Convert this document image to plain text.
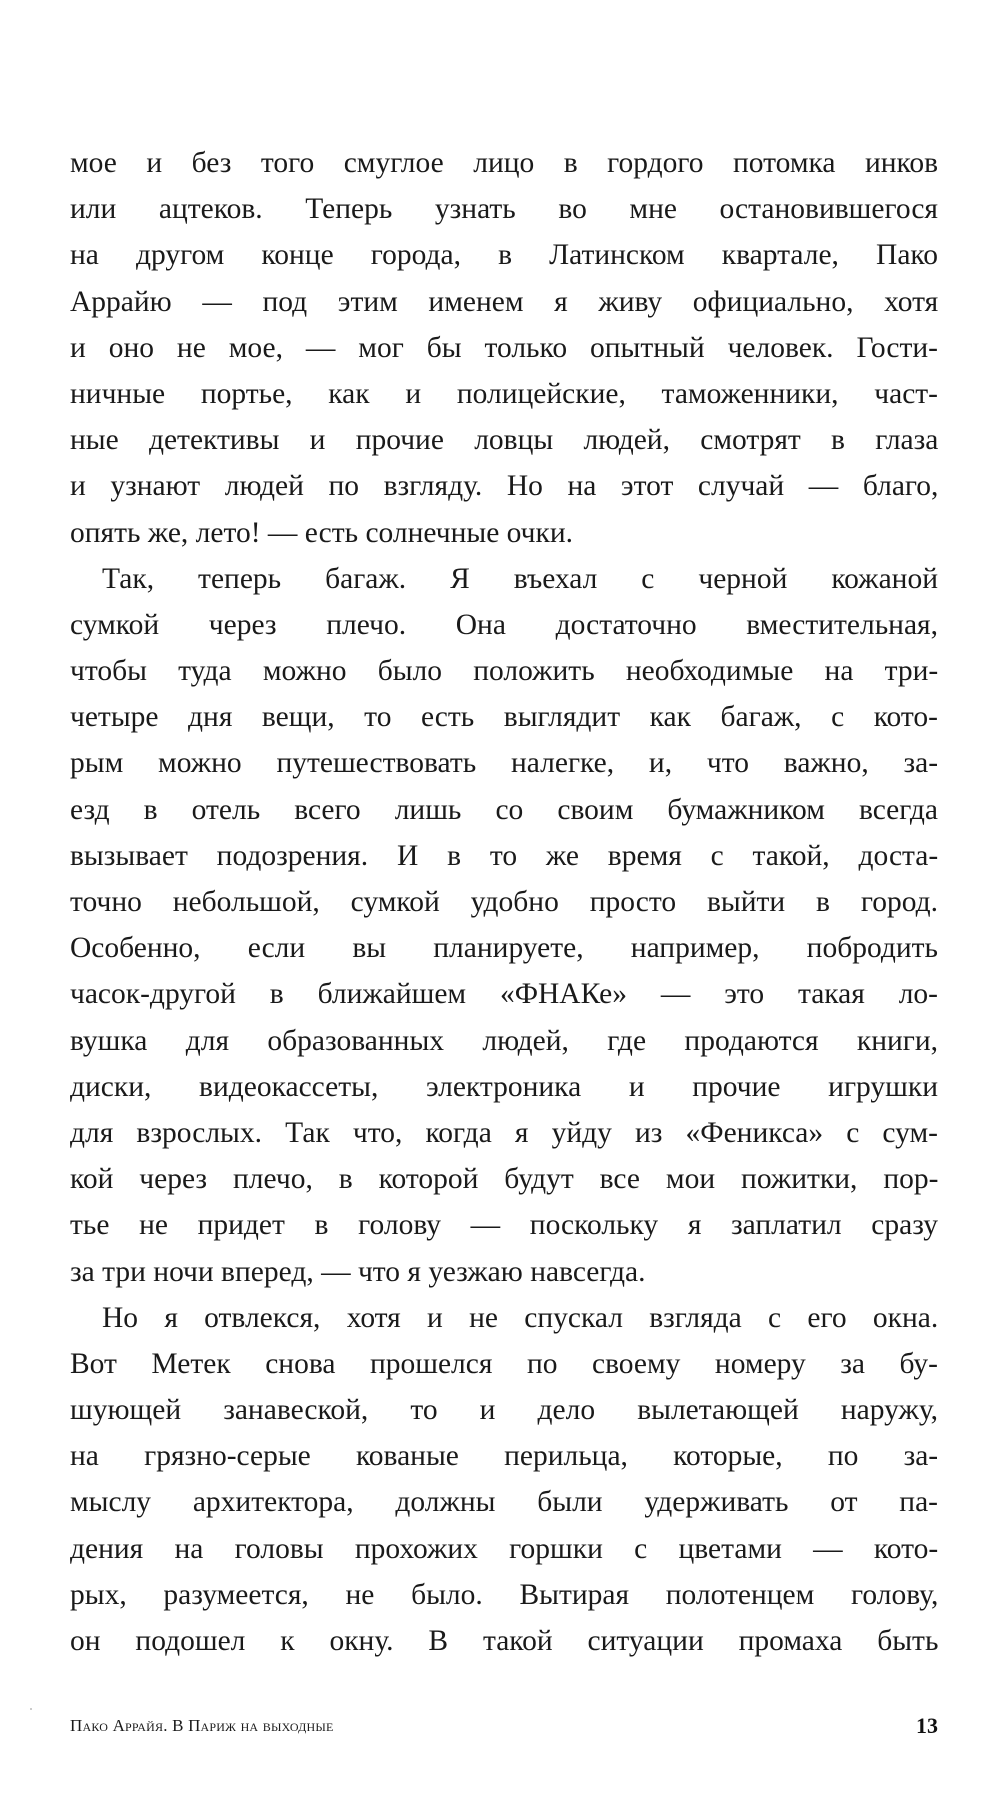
мое и без того смуглое лицо в гордого потомка инков
или ацтеков. Теперь узнать во мне остановившегося
на другом конце города, в Латинском квартале, Пако
Аррайю — под этим именем я живу официально, хотя
и оно не мое, — мог бы только опытный человек. Гости-
ничные портье, как и полицейские, таможенники, част-
ные детективы и прочие ловцы людей, смотрят в глаза
и узнают людей по взгляду. Но на этот случай — благо,
опять же, лето! — есть солнечные очки.
Так, теперь багаж. Я въехал с черной кожаной
сумкой через плечо. Она достаточно вместительная,
чтобы туда можно было положить необходимые на три-
четыре дня вещи, то есть выглядит как багаж, с кото-
рым можно путешествовать налегке, и, что важно, за-
езд в отель всего лишь со своим бумажником всегда
вызывает подозрения. И в то же время с такой, доста-
точно небольшой, сумкой удобно просто выйти в город.
Особенно, если вы планируете, например, побродить
часок-другой в ближайшем «ФНАКе» — это такая ло-
вушка для образованных людей, где продаются книги,
диски, видеокассеты, электроника и прочие игрушки
для взрослых. Так что, когда я уйду из «Феникса» с сум-
кой через плечо, в которой будут все мои пожитки, пор-
тье не придет в голову — поскольку я заплатил сразу
за три ночи вперед, — что я уезжаю навсегда.
Но я отвлекся, хотя и не спускал взгляда с его окна.
Вот Метек снова прошелся по своему номеру за бу-
шующей занавеской, то и дело вылетающей наружу,
на грязно-серые кованые перильца, которые, по за-
мыслу архитектора, должны были удерживать от па-
дения на головы прохожих горшки с цветами — кото-
рых, разумеется, не было. Вытирая полотенцем голову,
он подошел к окну. В такой ситуации промаха быть
Пако Аррайя. В Париж на выходные	13
